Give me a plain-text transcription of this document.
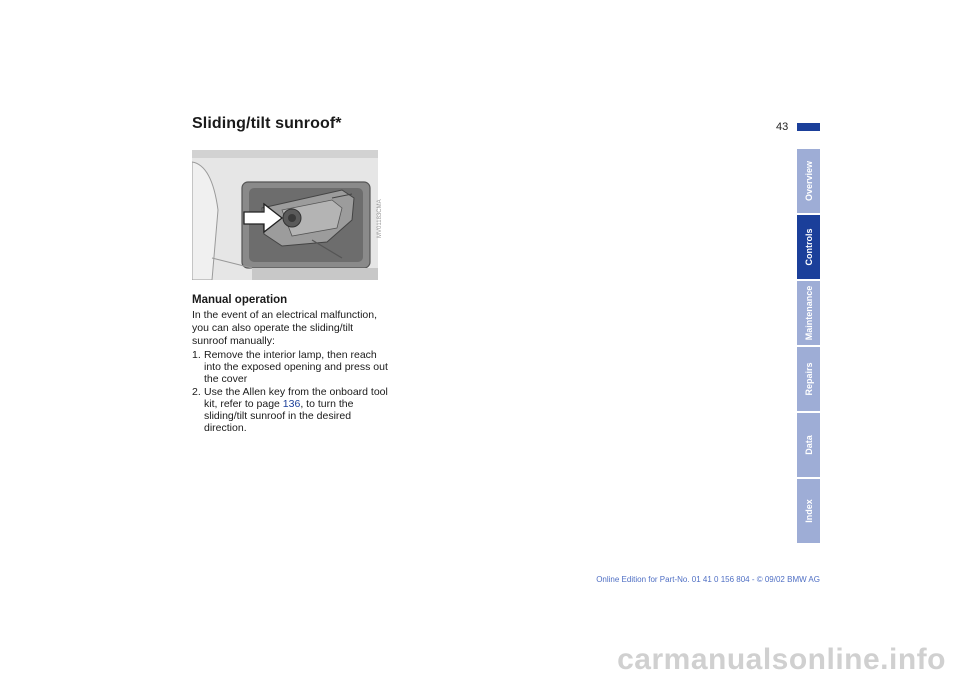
Sliding/tilt sunroof*	43
MV01183CMA
Manual operation
In the event of an electrical malfunction, you can also operate the sliding/tilt sunroof manually:
1. Remove the interior lamp, then reach into the exposed opening and press out the cover
2. Use the Allen key from the onboard tool kit, refer to page 136, to turn the sliding/tilt sunroof in the desired direction.
Overview
Controls
Maintenance
Repairs
Data
Index
Online Edition for Part-No. 01 41 0 156 804 - © 09/02 BMW AG
carmanualsonline.info
